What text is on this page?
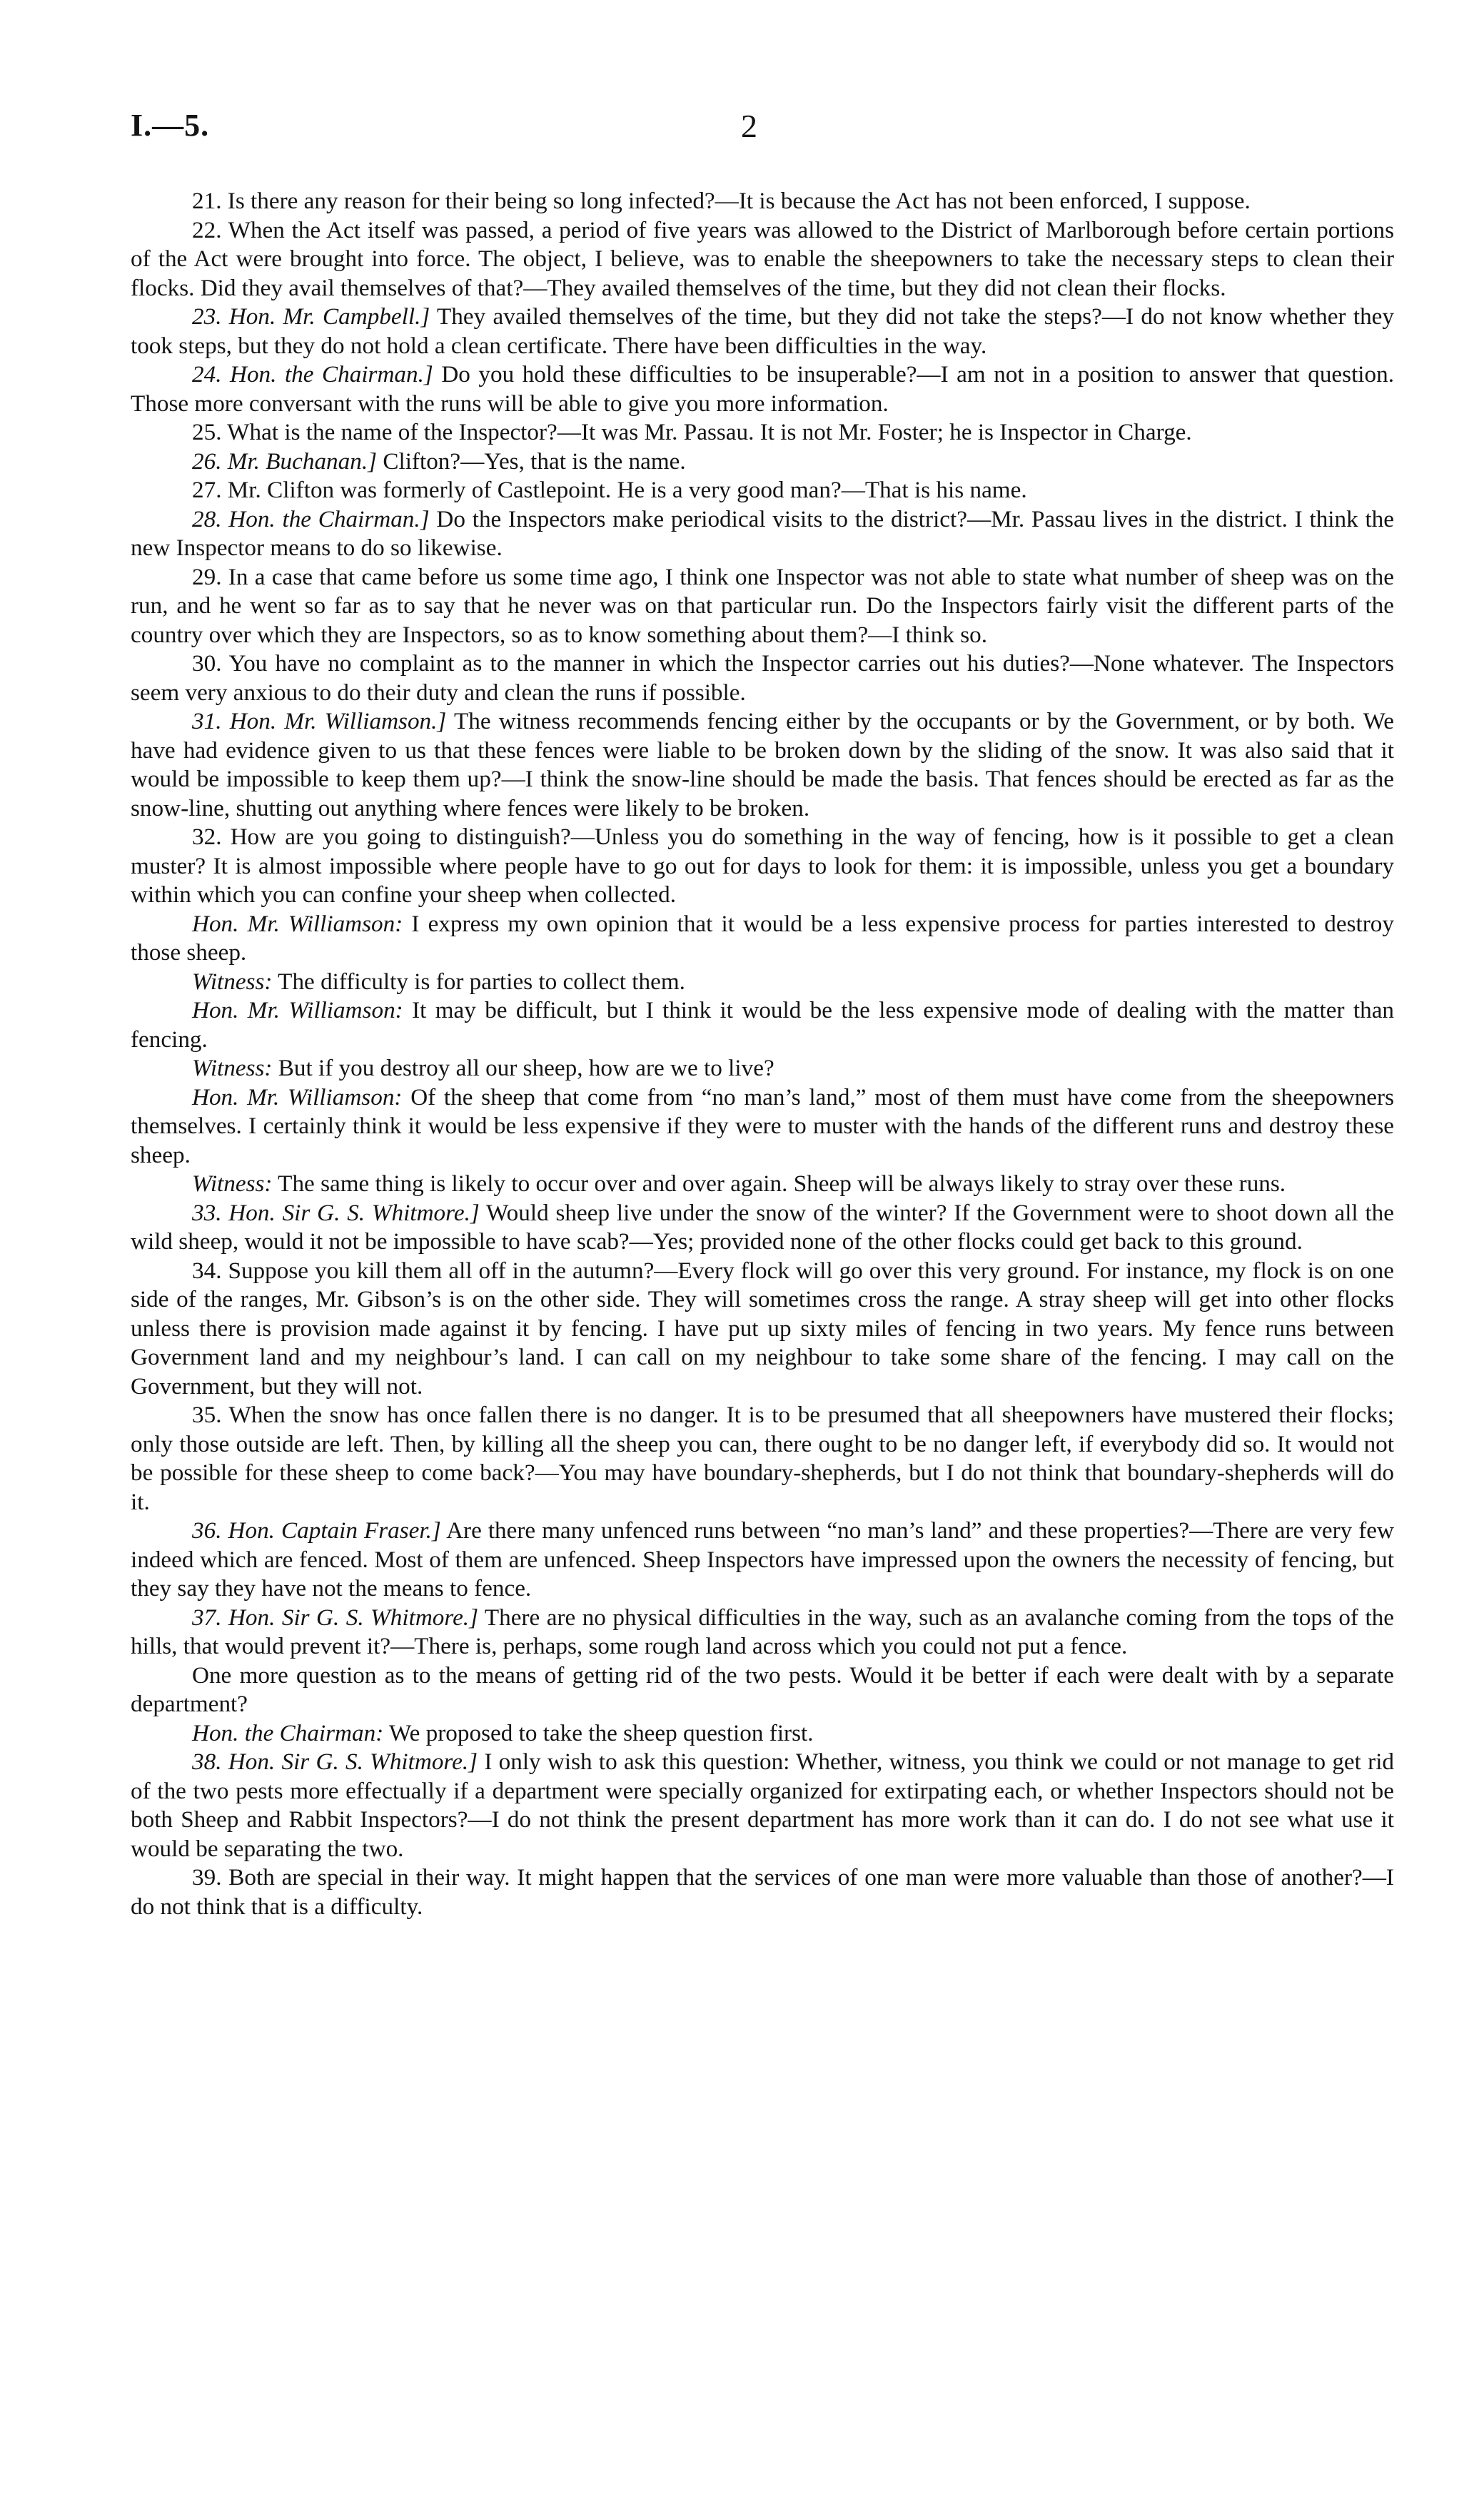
I.—5.	2

21. Is there any reason for their being so long infected?—It is because the Act has not been enforced, I suppose.

22. When the Act itself was passed, a period of five years was allowed to the District of Marlborough before certain portions of the Act were brought into force. The object, I believe, was to enable the sheepowners to take the necessary steps to clean their flocks. Did they avail themselves of that?—They availed themselves of the time, but they did not clean their flocks.

23. Hon. Mr. Campbell.] They availed themselves of the time, but they did not take the steps?—I do not know whether they took steps, but they do not hold a clean certificate. There have been difficulties in the way.

24. Hon. the Chairman.] Do you hold these difficulties to be insuperable?—I am not in a position to answer that question. Those more conversant with the runs will be able to give you more information.

25. What is the name of the Inspector?—It was Mr. Passau. It is not Mr. Foster; he is Inspector in Charge.

26. Mr. Buchanan.] Clifton?—Yes, that is the name.

27. Mr. Clifton was formerly of Castlepoint. He is a very good man?—That is his name.

28. Hon. the Chairman.] Do the Inspectors make periodical visits to the district?—Mr. Passau lives in the district. I think the new Inspector means to do so likewise.

29. In a case that came before us some time ago, I think one Inspector was not able to state what number of sheep was on the run, and he went so far as to say that he never was on that particular run. Do the Inspectors fairly visit the different parts of the country over which they are Inspectors, so as to know something about them?—I think so.

30. You have no complaint as to the manner in which the Inspector carries out his duties?—None whatever. The Inspectors seem very anxious to do their duty and clean the runs if possible.

31. Hon. Mr. Williamson.] The witness recommends fencing either by the occupants or by the Government, or by both. We have had evidence given to us that these fences were liable to be broken down by the sliding of the snow. It was also said that it would be impossible to keep them up?—I think the snow-line should be made the basis. That fences should be erected as far as the snow-line, shutting out anything where fences were likely to be broken.

32. How are you going to distinguish?—Unless you do something in the way of fencing, how is it possible to get a clean muster? It is almost impossible where people have to go out for days to look for them: it is impossible, unless you get a boundary within which you can confine your sheep when collected.

Hon. Mr. Williamson: I express my own opinion that it would be a less expensive process for parties interested to destroy those sheep.

Witness: The difficulty is for parties to collect them.

Hon. Mr. Williamson: It may be difficult, but I think it would be the less expensive mode of dealing with the matter than fencing.

Witness: But if you destroy all our sheep, how are we to live?

Hon. Mr. Williamson: Of the sheep that come from “no man’s land,” most of them must have come from the sheepowners themselves. I certainly think it would be less expensive if they were to muster with the hands of the different runs and destroy these sheep.

Witness: The same thing is likely to occur over and over again. Sheep will be always likely to stray over these runs.

33. Hon. Sir G. S. Whitmore.] Would sheep live under the snow of the winter? If the Government were to shoot down all the wild sheep, would it not be impossible to have scab?—Yes; provided none of the other flocks could get back to this ground.

34. Suppose you kill them all off in the autumn?—Every flock will go over this very ground. For instance, my flock is on one side of the ranges, Mr. Gibson’s is on the other side. They will sometimes cross the range. A stray sheep will get into other flocks unless there is provision made against it by fencing. I have put up sixty miles of fencing in two years. My fence runs between Government land and my neighbour’s land. I can call on my neighbour to take some share of the fencing. I may call on the Government, but they will not.

35. When the snow has once fallen there is no danger. It is to be presumed that all sheepowners have mustered their flocks; only those outside are left. Then, by killing all the sheep you can, there ought to be no danger left, if everybody did so. It would not be possible for these sheep to come back?—You may have boundary-shepherds, but I do not think that boundary-shepherds will do it.

36. Hon. Captain Fraser.] Are there many unfenced runs between “no man’s land” and these properties?—There are very few indeed which are fenced. Most of them are unfenced. Sheep Inspectors have impressed upon the owners the necessity of fencing, but they say they have not the means to fence.

37. Hon. Sir G. S. Whitmore.] There are no physical difficulties in the way, such as an avalanche coming from the tops of the hills, that would prevent it?—There is, perhaps, some rough land across which you could not put a fence.

One more question as to the means of getting rid of the two pests. Would it be better if each were dealt with by a separate department?

Hon. the Chairman: We proposed to take the sheep question first.

38. Hon. Sir G. S. Whitmore.] I only wish to ask this question: Whether, witness, you think we could or not manage to get rid of the two pests more effectually if a department were specially organized for extirpating each, or whether Inspectors should not be both Sheep and Rabbit Inspectors?—I do not think the present department has more work than it can do. I do not see what use it would be separating the two.

39. Both are special in their way. It might happen that the services of one man were more valuable than those of another?—I do not think that is a difficulty.
